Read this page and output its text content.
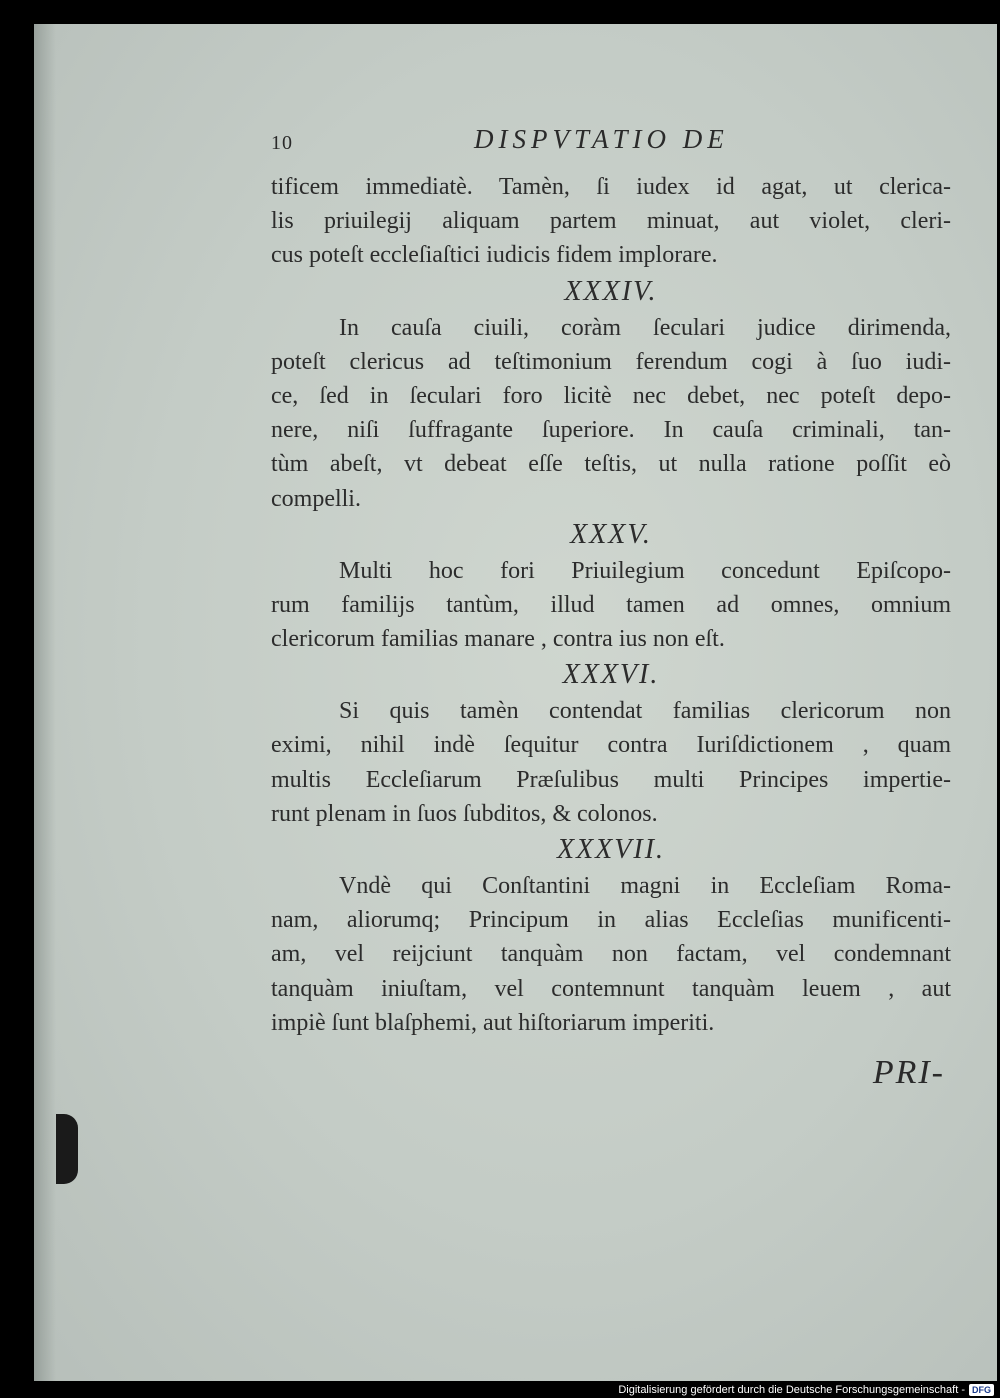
10	DISPVTATIO DE
tificem immediatè. Tamèn, ſi iudex id agat, ut clerica-
lis priuilegij aliquam partem minuat, aut violet, cleri-
cus poteſt eccleſiaſtici iudicis fidem implorare.
XXXIV.
In cauſa ciuili, coràm ſeculari judice dirimenda,
poteſt clericus ad teſtimonium ferendum cogi à ſuo iudi-
ce, ſed in ſeculari foro licitè nec debet, nec poteſt depo-
nere, niſi ſuffragante ſuperiore. In cauſa criminali, tan-
tùm abeſt, vt debeat eſſe teſtis, ut nulla ratione poſſit eò
compelli.
XXXV.
Multi hoc fori Priuilegium concedunt Epiſcopo-
rum familijs tantùm, illud tamen ad omnes, omnium
clericorum familias manare , contra ius non eſt.
XXXVI.
Si quis tamèn contendat familias clericorum non
eximi, nihil indè ſequitur contra Iuriſdictionem , quam
multis Eccleſiarum Præſulibus multi Principes impertie-
runt plenam in ſuos ſubditos, & colonos.
XXXVII.
Vndè qui Conſtantini magni in Eccleſiam Roma-
nam, aliorumq; Principum in alias Eccleſias munificenti-
am, vel reijciunt tanquàm non factam, vel condemnant
tanquàm iniuſtam, vel contemnunt tanquàm leuem , aut
impiè ſunt blaſphemi, aut hiſtoriarum imperiti.
PRI-
Digitalisierung gefördert durch die Deutsche Forschungsgemeinschaft - DFG
